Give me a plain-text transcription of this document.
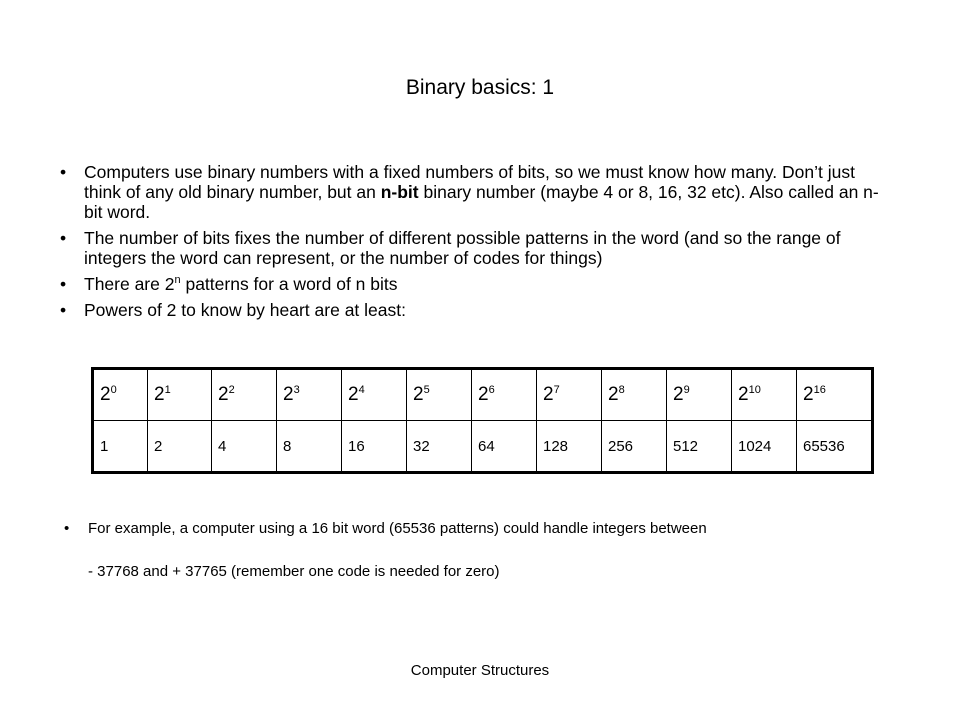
Binary basics: 1
• Computers use binary numbers with a fixed numbers of bits, so we must know how many. Don’t just think of any old binary number, but an n-bit binary number (maybe 4 or 8, 16, 32 etc). Also called an n-bit word.
• The number of bits fixes the number of different possible patterns in the word (and so the range of integers the word can represent, or the number of codes for things)
• There are 2$^n$ patterns for a word of n bits
• Powers of 2 to know by heart are at least:
$2^0$	$2^1$	$2^2$	$2^3$	$2^4$	$2^5$	$2^6$	$2^7$	$2^8$	$2^9$	$2^{10}$	$2^{16}$
1	2	4	8	16	32	64	128	256	512	1024	65536
• For example, a computer using a 16 bit word (65536 patterns) could handle integers between
- 37768 and + 37765 (remember one code is needed for zero)
Computer Structures
